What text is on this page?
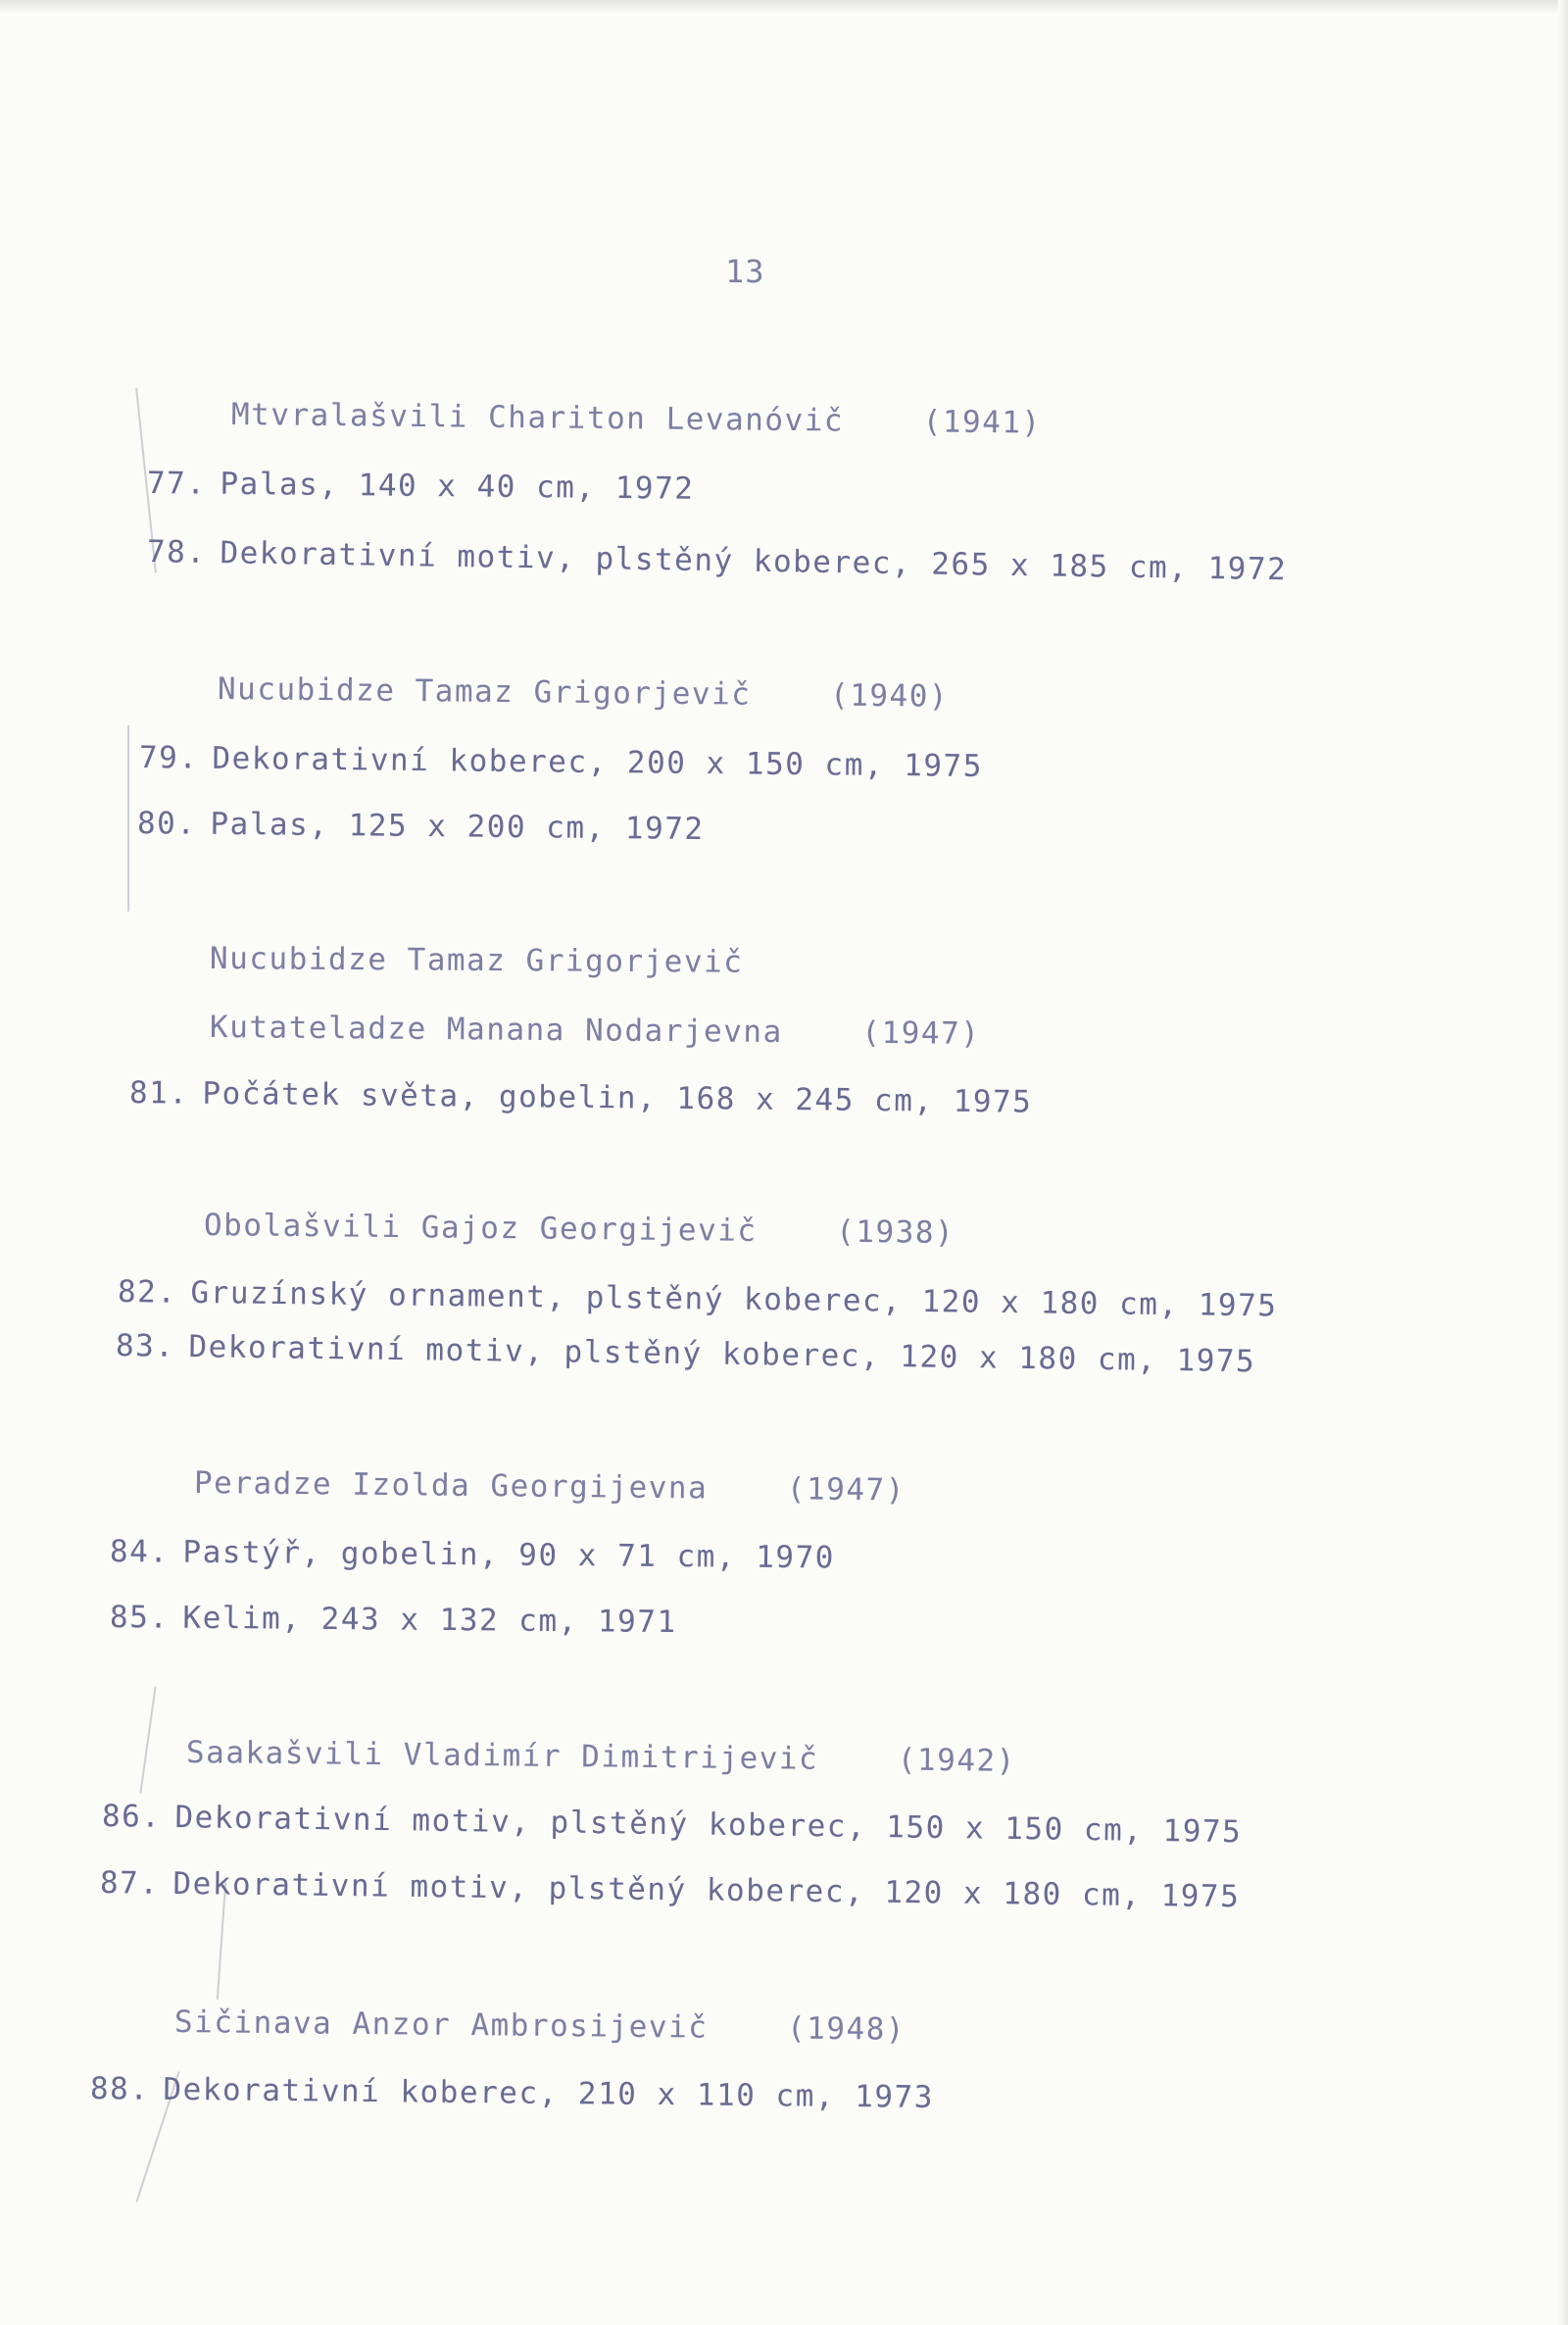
13
Mtvralašvili Chariton Levanóvič	(1941)
77. Palas, 140 x 40 cm, 1972
78. Dekorativní motiv, plstěný koberec, 265 x 185 cm, 1972
Nucubidze Tamaz Grigorjevič	(1940)
79. Dekorativní koberec, 200 x 150 cm, 1975
80. Palas, 125 x 200 cm, 1972
Nucubidze Tamaz Grigorjevič
Kutateladze Manana Nodarjevna	(1947)
81. Počátek světa, gobelin, 168 x 245 cm, 1975
Obolašvili Gajoz Georgijevič	(1938)
82. Gruzínský ornament, plstěný koberec, 120 x 180 cm, 1975
83. Dekorativní motiv, plstěný koberec, 120 x 180 cm, 1975
Peradze Izolda Georgijevna	(1947)
84. Pastýř, gobelin, 90 x 71 cm, 1970
85. Kelim, 243 x 132 cm, 1971
Saakašvili Vladimír Dimitrijevič	(1942)
86. Dekorativní motiv, plstěný koberec, 150 x 150 cm, 1975
87. Dekorativní motiv, plstěný koberec, 120 x 180 cm, 1975
Sičinava Anzor Ambrosijevič	(1948)
88. Dekorativní koberec, 210 x 110 cm, 1973
